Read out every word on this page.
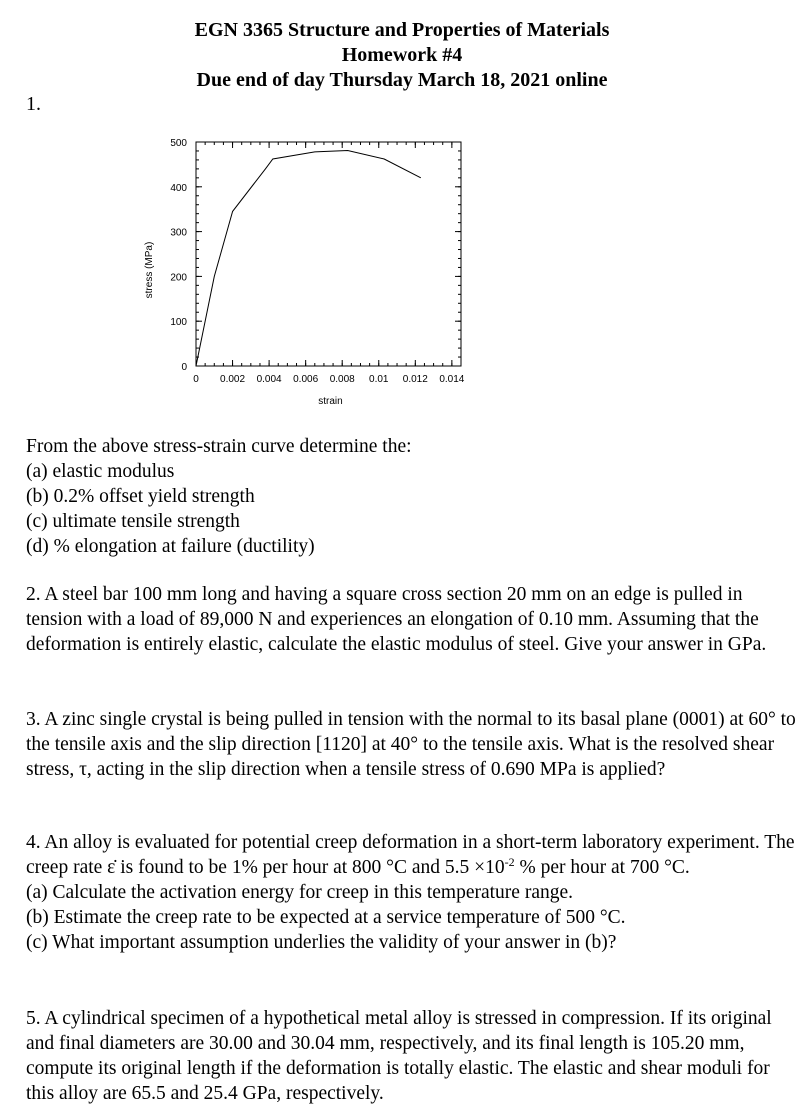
EGN 3365 Structure and Properties of Materials
Homework #4
Due end of day Thursday March 18, 2021 online
1.
0
100
200
300
400
500
0 0.002 0.004 0.006 0.008 0.01 0.012 0.014
strain
stress (MPa)

From the above stress-strain curve determine the:

(a) elastic modulus

(b) 0.2% offset yield strength

(c) ultimate tensile strength

(d) % elongation at failure (ductility)

2. A steel bar 100 mm long and having a square cross section 20 mm on an edge is pulled in tension with a load of 89,000 N and experiences an elongation of 0.10 mm. Assuming that the deformation is entirely elastic, calculate the elastic modulus of steel. Give your answer in GPa.

3. A zinc single crystal is being pulled in tension with the normal to its basal plane (0001) at 60° to the tensile axis and the slip direction [1120] at 40° to the tensile axis. What is the resolved shear stress, τ, acting in the slip direction when a tensile stress of 0.690 MPa is applied?

4. An alloy is evaluated for potential creep deformation in a short-term laboratory experiment. The creep rate ε̇ is found to be 1% per hour at 800 °C and $5.5 \times 10^{-2}$ % per hour at 700 °C.

(a) Calculate the activation energy for creep in this temperature range.

(b) Estimate the creep rate to be expected at a service temperature of 500 °C.

(c) What important assumption underlies the validity of your answer in (b)?

5. A cylindrical specimen of a hypothetical metal alloy is stressed in compression. If its original and final diameters are 30.00 and 30.04 mm, respectively, and its final length is 105.20 mm, compute its original length if the deformation is totally elastic. The elastic and shear moduli for this alloy are 65.5 and 25.4 GPa, respectively.
